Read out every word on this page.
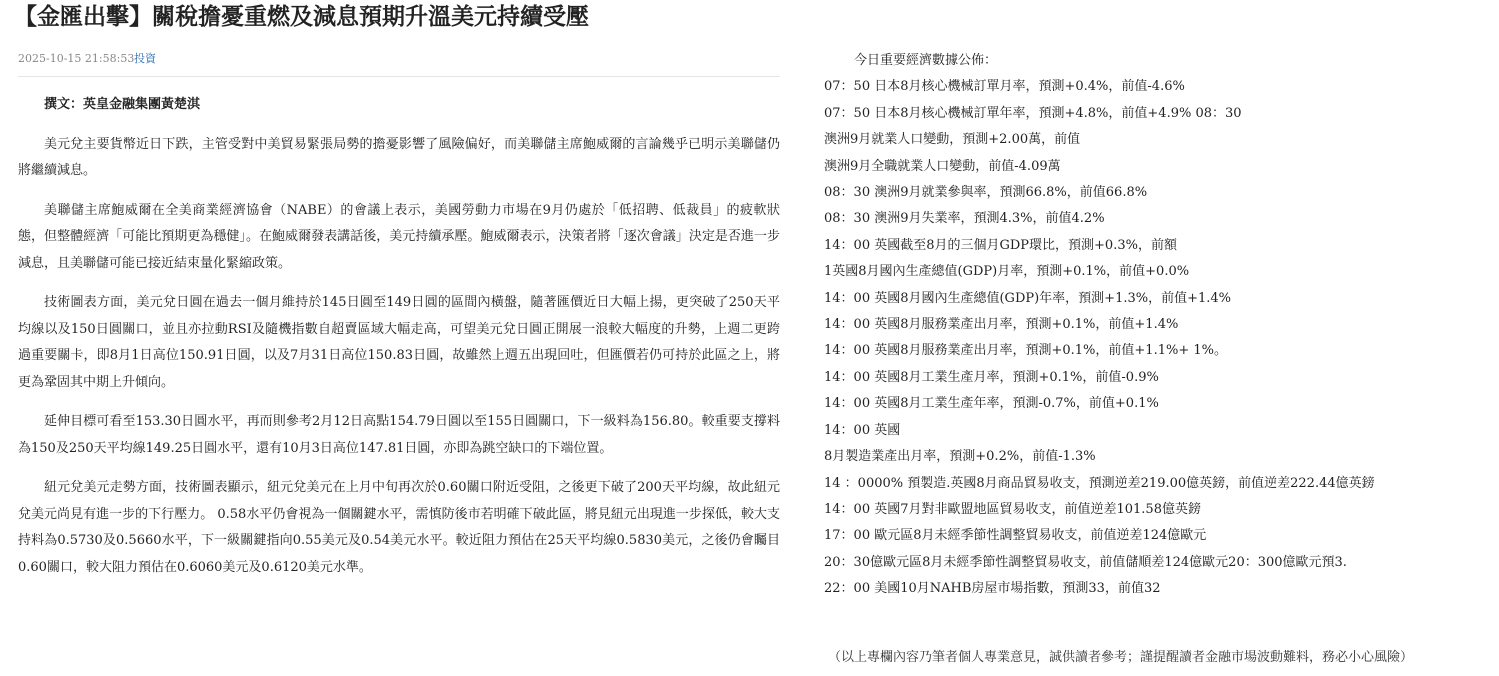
【金匯出擊】關稅擔憂重燃及減息預期升溫美元持續受壓
2025-10-15 21:58:53 投資

撰文：英皇金融集團黃楚淇

美元兌主要貨幣近日下跌，主管受對中美貿易緊張局勢的擔憂影響了風險偏好，而美聯儲主席鮑威爾的言論幾乎已明示美聯儲仍將繼續減息。

美聯儲主席鮑威爾在全美商業經濟協會（NABE）的會議上表示，美國勞動力市場在9月仍處於「低招聘、低裁員」的疲軟狀態，但整體經濟「可能比預期更為穩健」。在鮑威爾發表講話後，美元持續承壓。鮑威爾表示，決策者將「逐次會議」決定是否進一步減息，且美聯儲可能已接近結束量化緊縮政策。

技術圖表方面，美元兌日圓在過去一個月維持於145日圓至149日圓的區間內橫盤，隨著匯價近日大幅上揚，更突破了250天平均線以及150日圓關口，並且亦拉動RSI及隨機指數自超賣區域大幅走高，可望美元兌日圓正開展一浪較大幅度的升勢，上週二更跨過重要關卡，即8月1日高位150.91日圓，以及7月31日高位150.83日圓，故雖然上週五出現回吐，但匯價若仍可持於此區之上，將更為鞏固其中期上升傾向。

延伸目標可看至153.30日圓水平，再而則參考2月12日高點154.79日圓以至155日圓關口，下一級料為156.80。較重要支撐料為150及250天平均線149.25日圓水平，還有10月3日高位147.81日圓，亦即為跳空缺口的下端位置。

紐元兌美元走勢方面，技術圖表顯示，紐元兌美元在上月中旬再次於0.60關口附近受阻，之後更下破了200天平均線，故此紐元兌美元尚見有進一步的下行壓力。 0.58水平仍會視為一個關鍵水平，需慎防後市若明確下破此區，將見紐元出現進一步探低，較大支持料為0.5730及0.5660水平，下一級關鍵指向0.55美元及0.54美元水平。較近阻力預估在25天平均線0.5830美元，之後仍會矚目0.60關口，較大阻力預估在0.6060美元及0.6120美元水準。

今日重要經濟數據公佈：
07：50 日本8月核心機械訂單月率，預測+0.4%，前值-4.6%
07：50 日本8月核心機械訂單年率，預測+4.8%，前值+4.9% 08：30
澳洲9月就業人口變動，預測+2.00萬，前值
澳洲9月全職就業人口變動，前值-4.09萬
08：30 澳洲9月就業參與率，預測66.8%，前值66.8%
08：30 澳洲9月失業率，預測4.3%，前值4.2%
14：00 英國截至8月的三個月GDP環比，預測+0.3%，前額
1英國8月國內生產總值(GDP)月率，預測+0.1%，前值+0.0%
14：00 英國8月國內生產總值(GDP)年率，預測+1.3%，前值+1.4%
14：00 英國8月服務業產出月率，預測+0.1%，前值+1.4%
14：00 英國8月服務業產出月率，預測+0.1%，前值+1.1%+ 1%。
14：00 英國8月工業生產月率，預測+0.1%，前值-0.9%
14：00 英國8月工業生產年率，預測-0.7%，前值+0.1%
14：00 英國
8月製造業產出月率，預測+0.2%，前值-1.3%
14 ：0000% 預製造.英國8月商品貿易收支，預測逆差219.00億英鎊，前值逆差222.44億英鎊
14：00 英國7月對非歐盟地區貿易收支，前值逆差101.58億英鎊
17：00 歐元區8月未經季節性調整貿易收支，前值逆差124億歐元
20：30億歐元區8月未經季節性調整貿易收支，前值儲順差124億歐元20：300億歐元預3.
22：00 美國10月NAHB房屋市場指數，預測33，前值32
（以上專欄內容乃筆者個人專業意見，誠供讀者參考；謹提醒讀者金融市場波動難料，務必小心風險）
